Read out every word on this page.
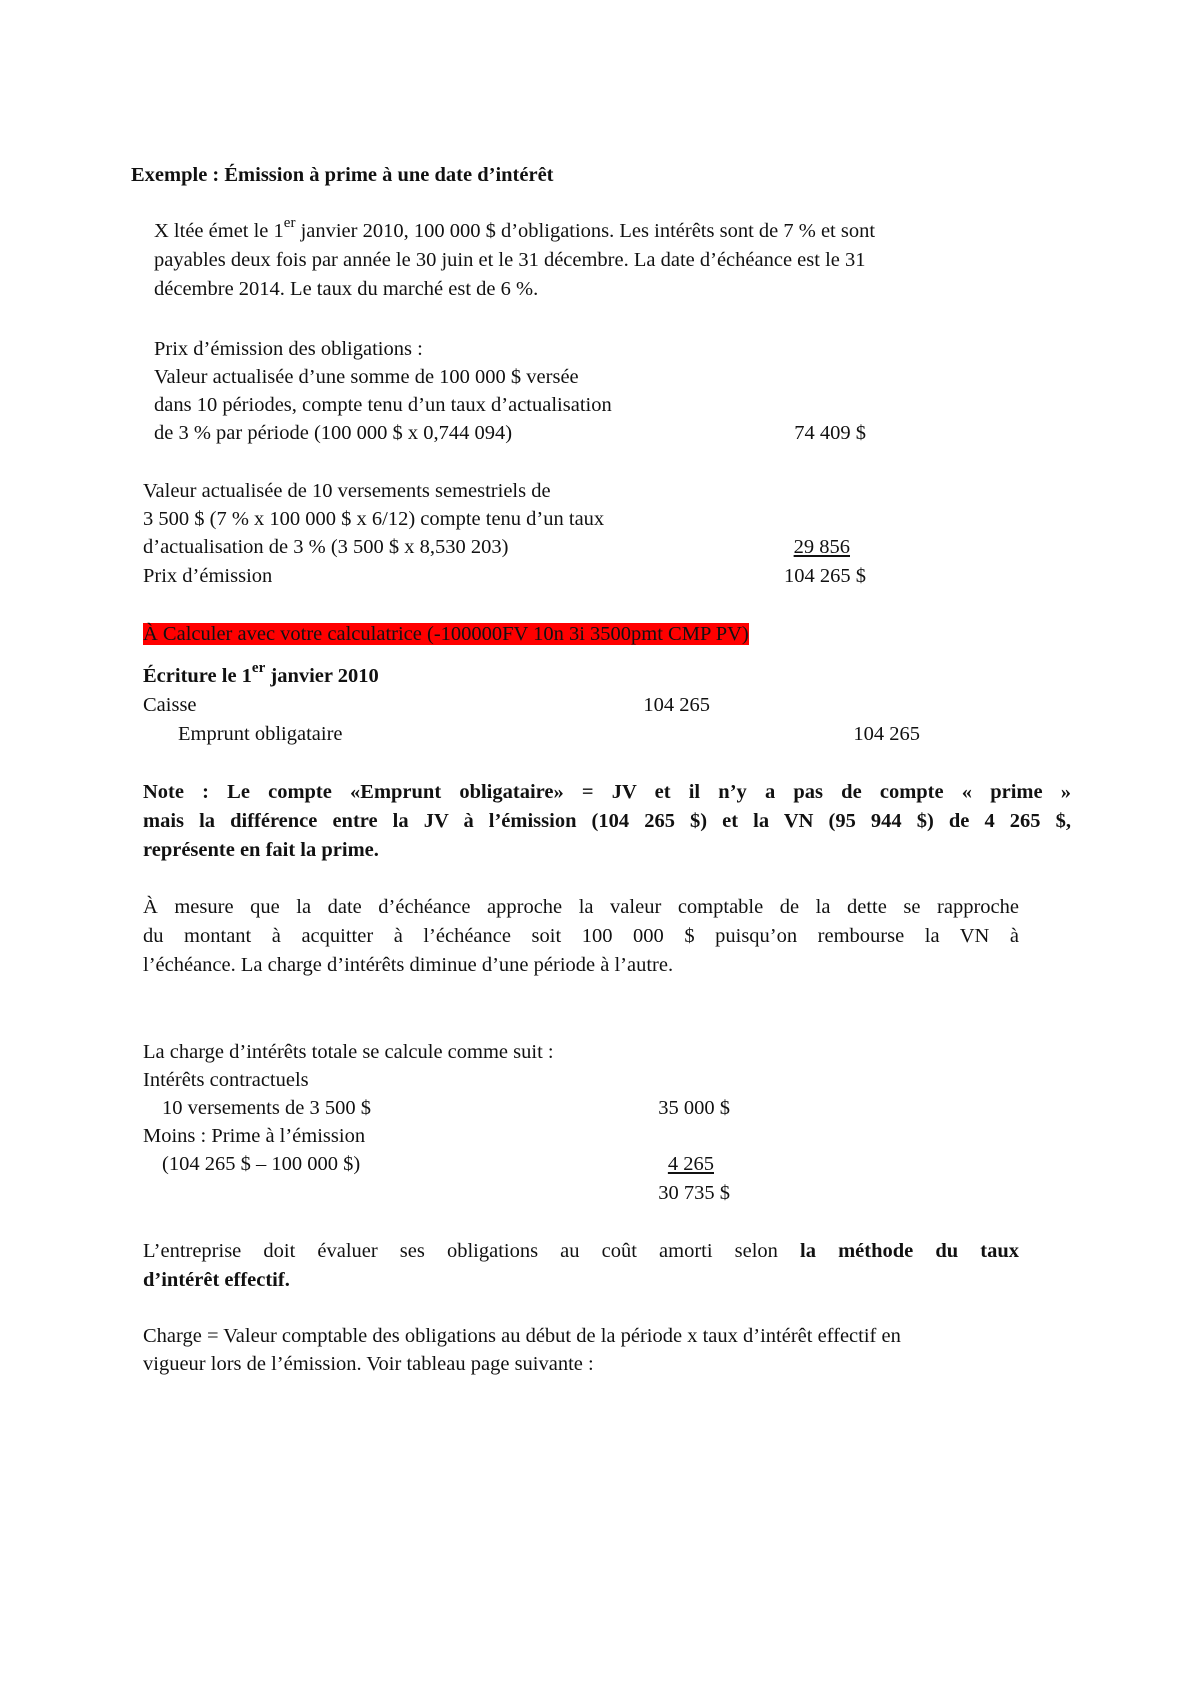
Exemple : Émission à prime à une date d’intérêt
X ltée émet le 1er janvier 2010, 100 000 $ d’obligations. Les intérêts sont de 7 % et sont
payables deux fois par année le 30 juin et le 31 décembre. La date d’échéance est le 31
décembre 2014. Le taux du marché est de 6 %.
Prix d’émission des obligations :
Valeur actualisée d’une somme de 100 000 $ versée
dans 10 périodes, compte tenu d’un taux d’actualisation
de 3 % par période (100 000 $ x 0,744 094)	74 409 $
Valeur actualisée de 10 versements semestriels de
3 500 $ (7 % x 100 000 $ x 6/12) compte tenu d’un taux
d’actualisation de 3 % (3 500 $ x 8,530 203)	29 856
Prix d’émission	104 265 $
À Calculer avec votre calculatrice (-100000FV 10n 3i 3500pmt CMP PV)
Écriture le 1er janvier 2010
Caisse	104 265
Emprunt obligataire	104 265
Note : Le compte «Emprunt obligataire» = JV et il n’y a pas de compte « prime »
mais la différence entre la JV à l’émission (104 265 $) et la VN (95 944 $) de 4 265 $,
représente en fait la prime.
À mesure que la date d’échéance approche la valeur comptable de la dette se rapproche
du montant à acquitter à l’échéance soit 100 000 $ puisqu’on rembourse la VN à
l’échéance. La charge d’intérêts diminue d’une période à l’autre.
La charge d’intérêts totale se calcule comme suit :
Intérêts contractuels
10 versements de 3 500 $	35 000 $
Moins : Prime à l’émission
(104 265 $ – 100 000 $)	4 265
30 735 $
L’entreprise doit évaluer ses obligations au coût amorti selon la méthode du taux
d’intérêt effectif.
Charge = Valeur comptable des obligations au début de la période x taux d’intérêt effectif en
vigueur lors de l’émission. Voir tableau page suivante :
